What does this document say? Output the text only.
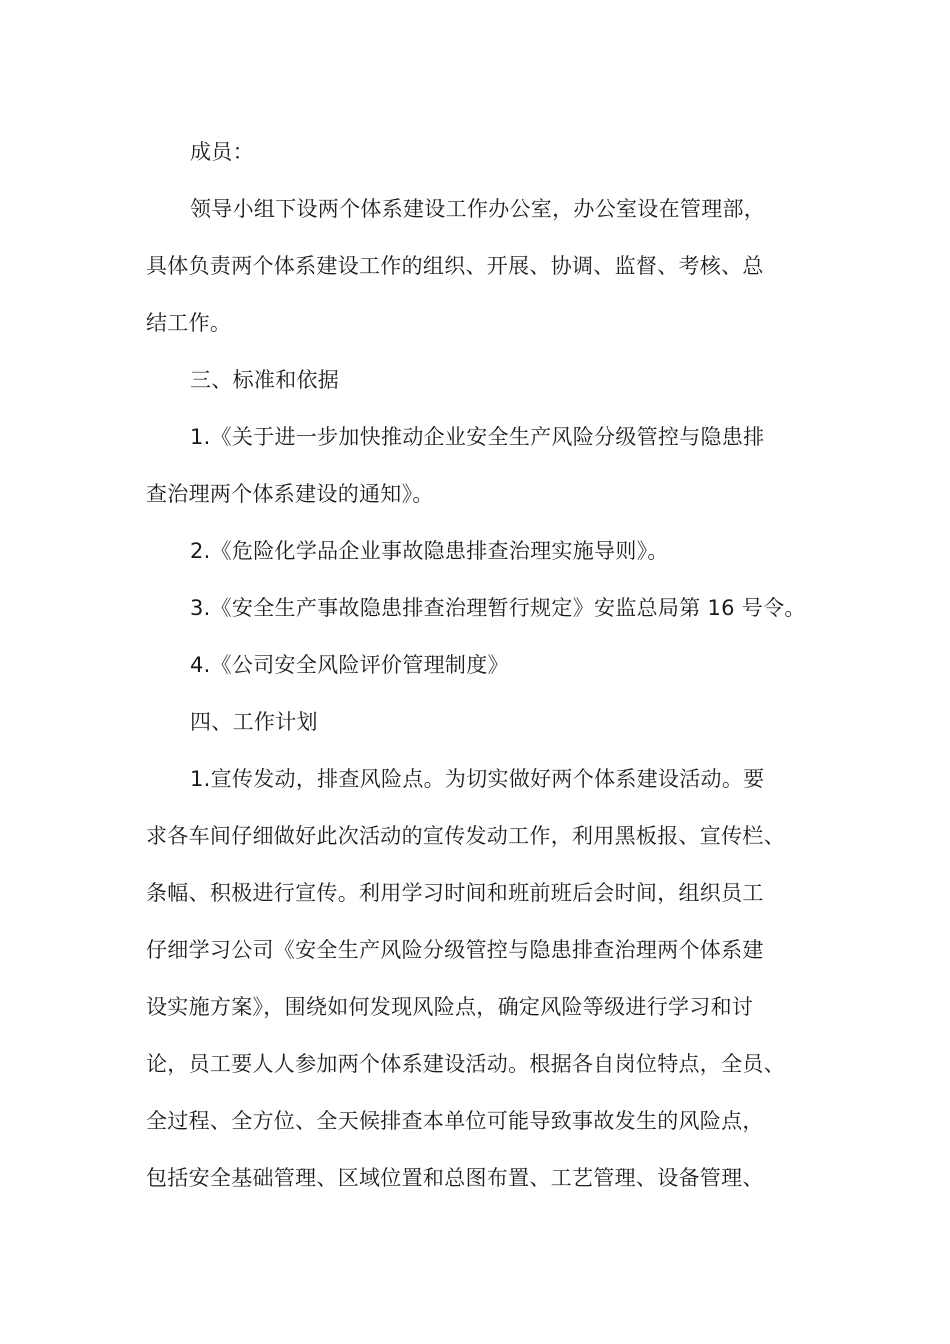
成员：
领导小组下设两个体系建设工作办公室，办公室设在管理部，
具体负责两个体系建设工作的组织、开展、协调、监督、考核、总
结工作。
三、标准和依据
1.《关于进一步加快推动企业安全生产风险分级管控与隐患排
查治理两个体系建设的通知》。
2.《危险化学品企业事故隐患排查治理实施导则》。
3.《安全生产事故隐患排查治理暂行规定》安监总局第 16 号令。
4.《公司安全风险评价管理制度》
四、工作计划
1.宣传发动，排查风险点。为切实做好两个体系建设活动。要
求各车间仔细做好此次活动的宣传发动工作，利用黑板报、宣传栏、
条幅、积极进行宣传。利用学习时间和班前班后会时间，组织员工
仔细学习公司《安全生产风险分级管控与隐患排查治理两个体系建
设实施方案》，围绕如何发现风险点，确定风险等级进行学习和讨
论，员工要人人参加两个体系建设活动。根据各自岗位特点，全员、
全过程、全方位、全天候排查本单位可能导致事故发生的风险点，
包括安全基础管理、区域位置和总图布置、工艺管理、设备管理、
